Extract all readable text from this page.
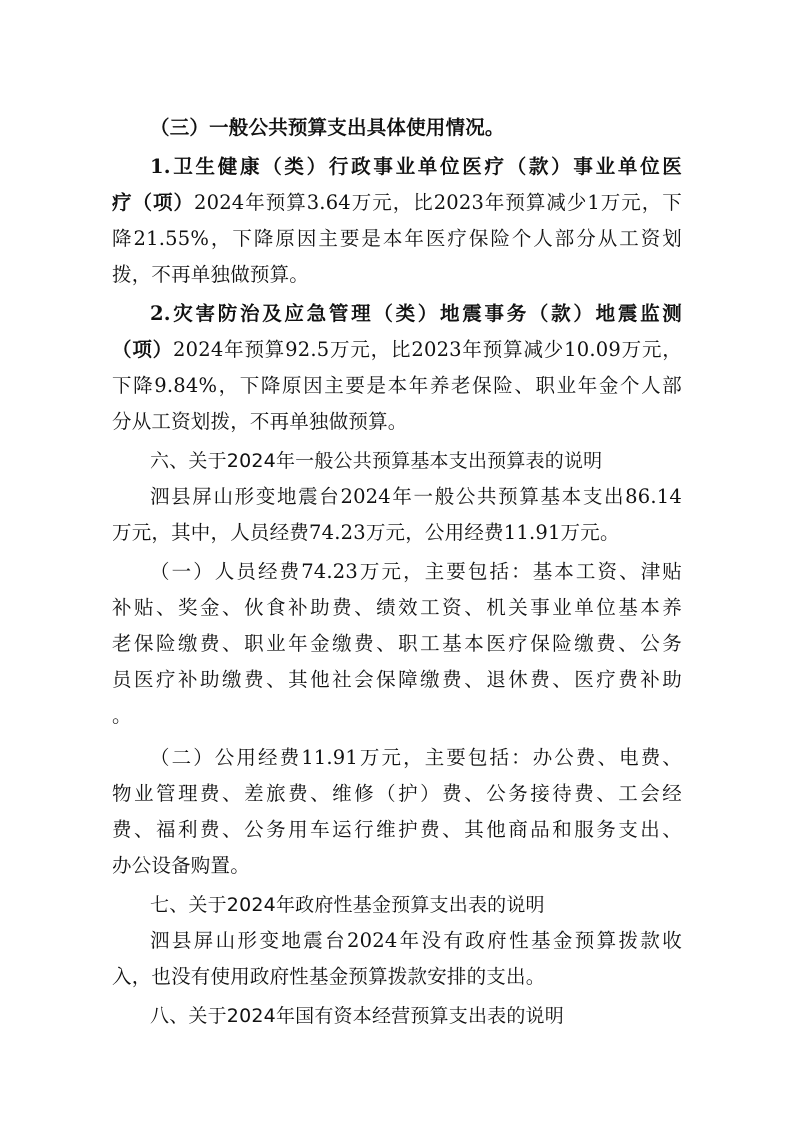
（三）一般公共预算支出具体使用情况。
1.卫生健康（类）行政事业单位医疗（款）事业单位医
疗（项）2024年预算3.64万元，比2023年预算减少1万元，下
降21.55%，下降原因主要是本年医疗保险个人部分从工资划
拨，不再单独做预算。
2.灾害防治及应急管理（类）地震事务（款）地震监测
（项）2024年预算92.5万元，比2023年预算减少10.09万元，
下降9.84%，下降原因主要是本年养老保险、职业年金个人部
分从工资划拨，不再单独做预算。
六、关于2024年一般公共预算基本支出预算表的说明
泗县屏山形变地震台2024年一般公共预算基本支出86.14
万元，其中，人员经费74.23万元，公用经费11.91万元。
（一）人员经费74.23万元，主要包括：基本工资、津贴
补贴、奖金、伙食补助费、绩效工资、机关事业单位基本养
老保险缴费、职业年金缴费、职工基本医疗保险缴费、公务
员医疗补助缴费、其他社会保障缴费、退休费、医疗费补助
。
（二）公用经费11.91万元，主要包括：办公费、电费、
物业管理费、差旅费、维修（护）费、公务接待费、工会经
费、福利费、公务用车运行维护费、其他商品和服务支出、
办公设备购置。
七、关于2024年政府性基金预算支出表的说明
泗县屏山形变地震台2024年没有政府性基金预算拨款收
入，也没有使用政府性基金预算拨款安排的支出。
八、关于2024年国有资本经营预算支出表的说明
